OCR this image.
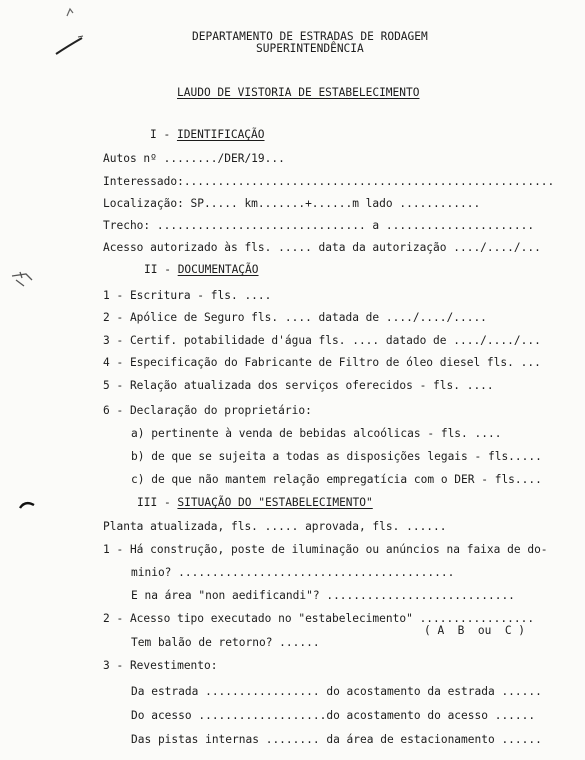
DEPARTAMENTO DE ESTRADAS DE RODAGEM
SUPERINTENDÊNCIA
LAUDO DE VISTORIA DE ESTABELECIMENTO
I - IDENTIFICAÇÃO
Autos nº ......../DER/19...
Interessado:.......................................................
Localização: SP..... km.......+......m lado ............
Trecho: ............................... a ......................
Acesso autorizado às fls. ..... data da autorização ..../..../...
II - DOCUMENTAÇÃO
1 - Escritura - fls. ....
2 - Apólice de Seguro fls. .... datada de ..../..../.....
3 - Certif. potabilidade d'água fls. .... datado de ..../..../...
4 - Especificação do Fabricante de Filtro de óleo diesel fls. ...
5 - Relação atualizada dos serviços oferecidos - fls. ....
6 - Declaração do proprietário:
a) pertinente à venda de bebidas alcoólicas - fls. ....
b) de que se sujeita a todas as disposições legais - fls.....
c) de que não mantem relação empregatícia com o DER - fls....
III - SITUAÇÃO DO "ESTABELECIMENTO"
Planta atualizada, fls. ..... aprovada, fls. ......
1 - Há construção, poste de iluminação ou anúncios na faixa de do-
minio? .........................................
E na área "non aedificandi"? ............................
2 - Acesso tipo executado no "estabelecimento" .................
( A  B  ou  C )
Tem balão de retorno? ......
3 - Revestimento:
Da estrada ................. do acostamento da estrada ......
Do acesso ...................do acostamento do acesso ......
Das pistas internas ........ da área de estacionamento ......
